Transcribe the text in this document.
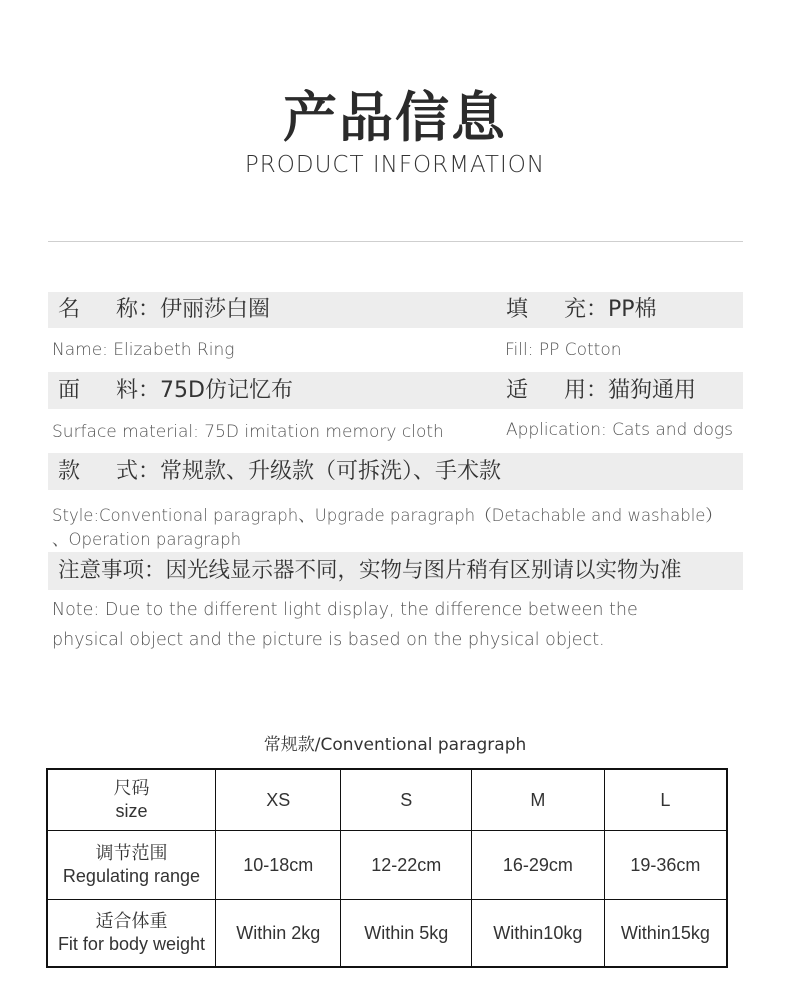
产品信息
PRODUCT INFORMATION
名 称：伊丽莎白圈	填 充：PP棉
Name: Elizabeth Ring	Fill: PP Cotton
面 料：75D仿记忆布	适 用：猫狗通用
Surface material: 75D imitation memory cloth	Application: Cats and dogs
款 式：常规款、升级款（可拆洗）、手术款
Style:Conventional paragraph、Upgrade paragraph（Detachable and washable）
、Operation paragraph
注意事项：因光线显示器不同，实物与图片稍有区别请以实物为准
Note: Due to the different light display, the difference between the
physical object and the picture is based on the physical object.
常规款/Conventional paragraph
尺码
size	XS	S	M	L

调节范围
Regulating range	10-18cm	12-22cm	16-29cm	19-36cm

适合体重
Fit for body weight	Within 2kg	Within 5kg	Within10kg	Within15kg
